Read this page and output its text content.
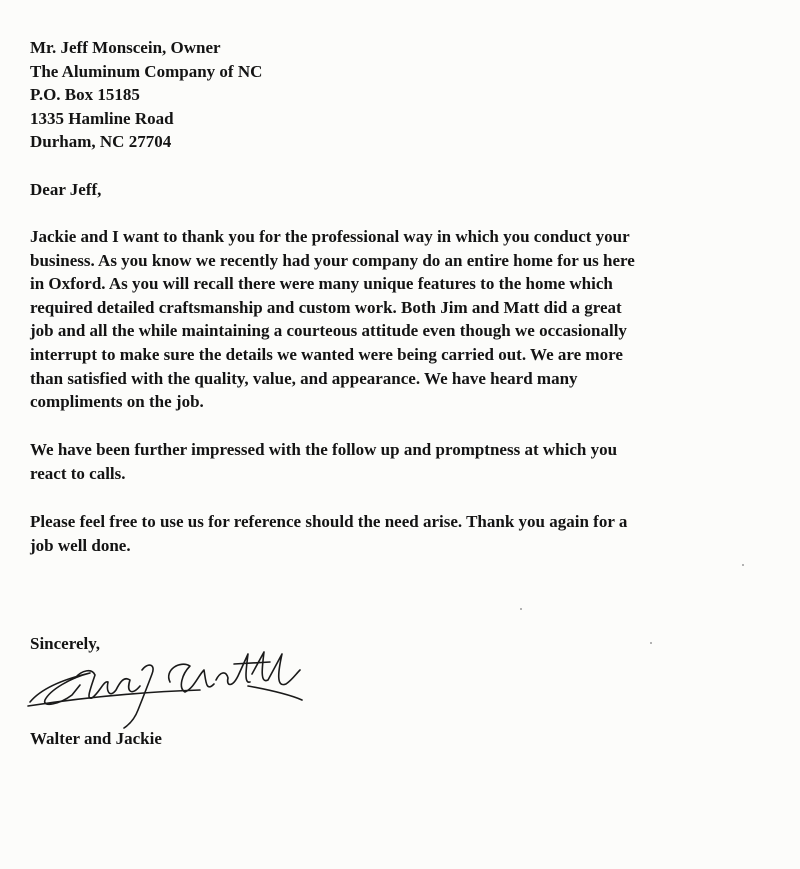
Mr. Jeff Monscein, Owner
The Aluminum Company of NC
P.O. Box 15185
1335 Hamline Road
Durham, NC 27704
Dear Jeff,
Jackie and I want to thank you for the professional way in which you conduct your
business. As you know we recently had your company do an entire home for us here
in Oxford. As you will recall there were many unique features to the home which
required detailed craftsmanship and custom work. Both Jim and Matt did a great
job and all the while maintaining a courteous attitude even though we occasionally
interrupt to make sure the details we wanted were being carried out. We are more
than satisfied with the quality, value, and appearance. We have heard many
compliments on the job.
We have been further impressed with the follow up and promptness at which you
react to calls.
Please feel free to use us for reference should the need arise. Thank you again for a
job well done.
Sincerely,
Walter and Jackie
